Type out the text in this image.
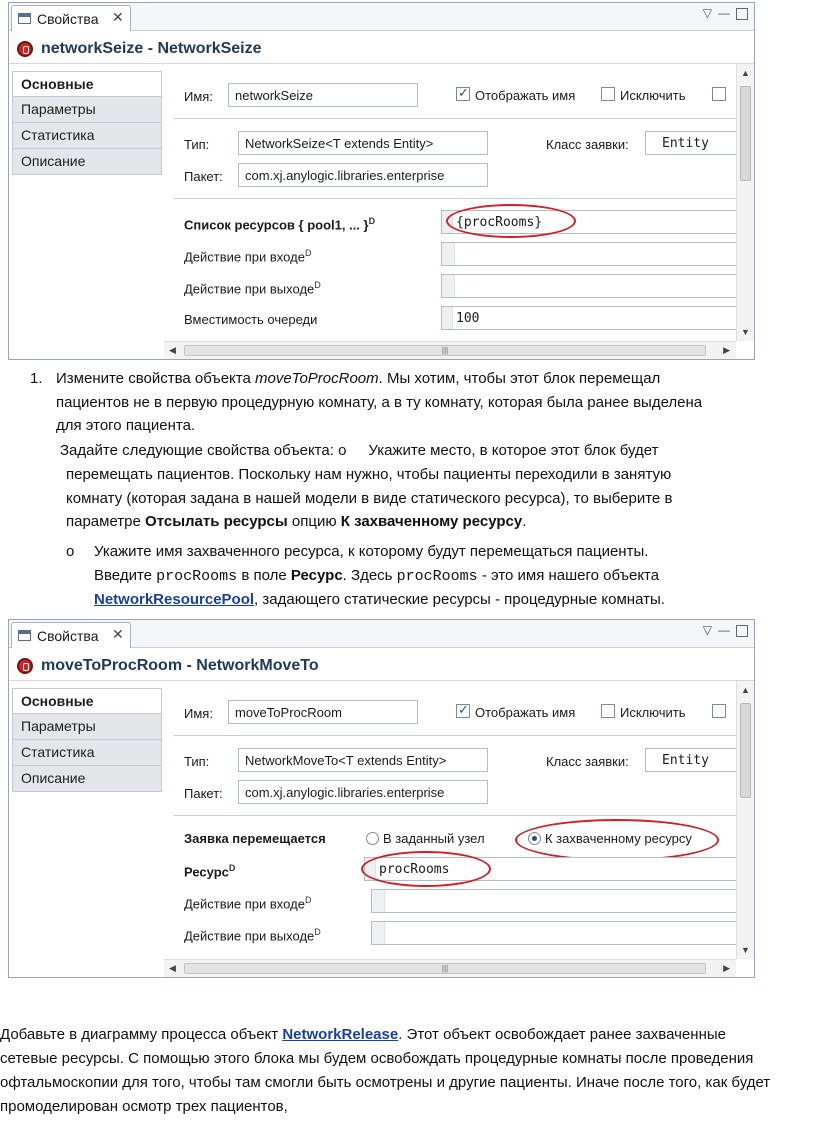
Свойства ✕	▽—
networkSeize - NetworkSeize
Основные
Параметры
Статистика
Описание
Имя:	networkSeize ✓	Отображать имя	Исключить
Тип:	NetworkSeize<T extends Entity>	Класс заявки:	Entity
Пакет:	com.xj.anylogic.libraries.enterprise
Список ресурсов { pool1, ... }$^D$	{procRooms}
Действие при входе$^D$
Действие при выходе$^D$
Вместимость очереди	100
▲
▼
◀	|||	▶
1. Измените свойства объекта moveToProcRoom. Мы хотим, чтобы этот блок перемещал
пациентов не в первую процедурную комнату, а в ту комнату, которая была ранее выделена
для этого пациента.
Задайте следующие свойства объекта: o Укажите место, в которое этот блок будет
перемещать пациентов. Поскольку нам нужно, чтобы пациенты переходили в занятую
комнату (которая задана в нашей модели в виде статического ресурса), то выберите в
параметре Отсылать ресурсы опцию К захваченному ресурсу.
o Укажите имя захваченного ресурса, к которому будут перемещаться пациенты.
Введите procRooms в поле Ресурс. Здесь procRooms - это имя нашего объекта
NetworkResourcePool, задающего статические ресурсы - процедурные комнаты.
Свойства ✕	▽—
moveToProcRoom - NetworkMoveTo
Основные
Параметры
Статистика
Описание
Имя:	moveToProcRoom ✓	Отображать имя	Исключить
Тип:	NetworkMoveTo<T extends Entity>	Класс заявки:	Entity
Пакет:	com.xj.anylogic.libraries.enterprise
Заявка перемещается	В заданный узел	К захваченному ресурсу
Ресурс$^D$	procRooms
Действие при входе$^D$
Действие при выходе$^D$
▲
▼
◀	|||	▶
Добавьте в диаграмму процесса объект NetworkRelease. Этот объект освобождает ранее захваченные
сетевые ресурсы. С помощью этого блока мы будем освобождать процедурные комнаты после проведения
офтальмоскопии для того, чтобы там смогли быть осмотрены и другие пациенты. Иначе после того, как будет
промоделирован осмотр трех пациентов,
